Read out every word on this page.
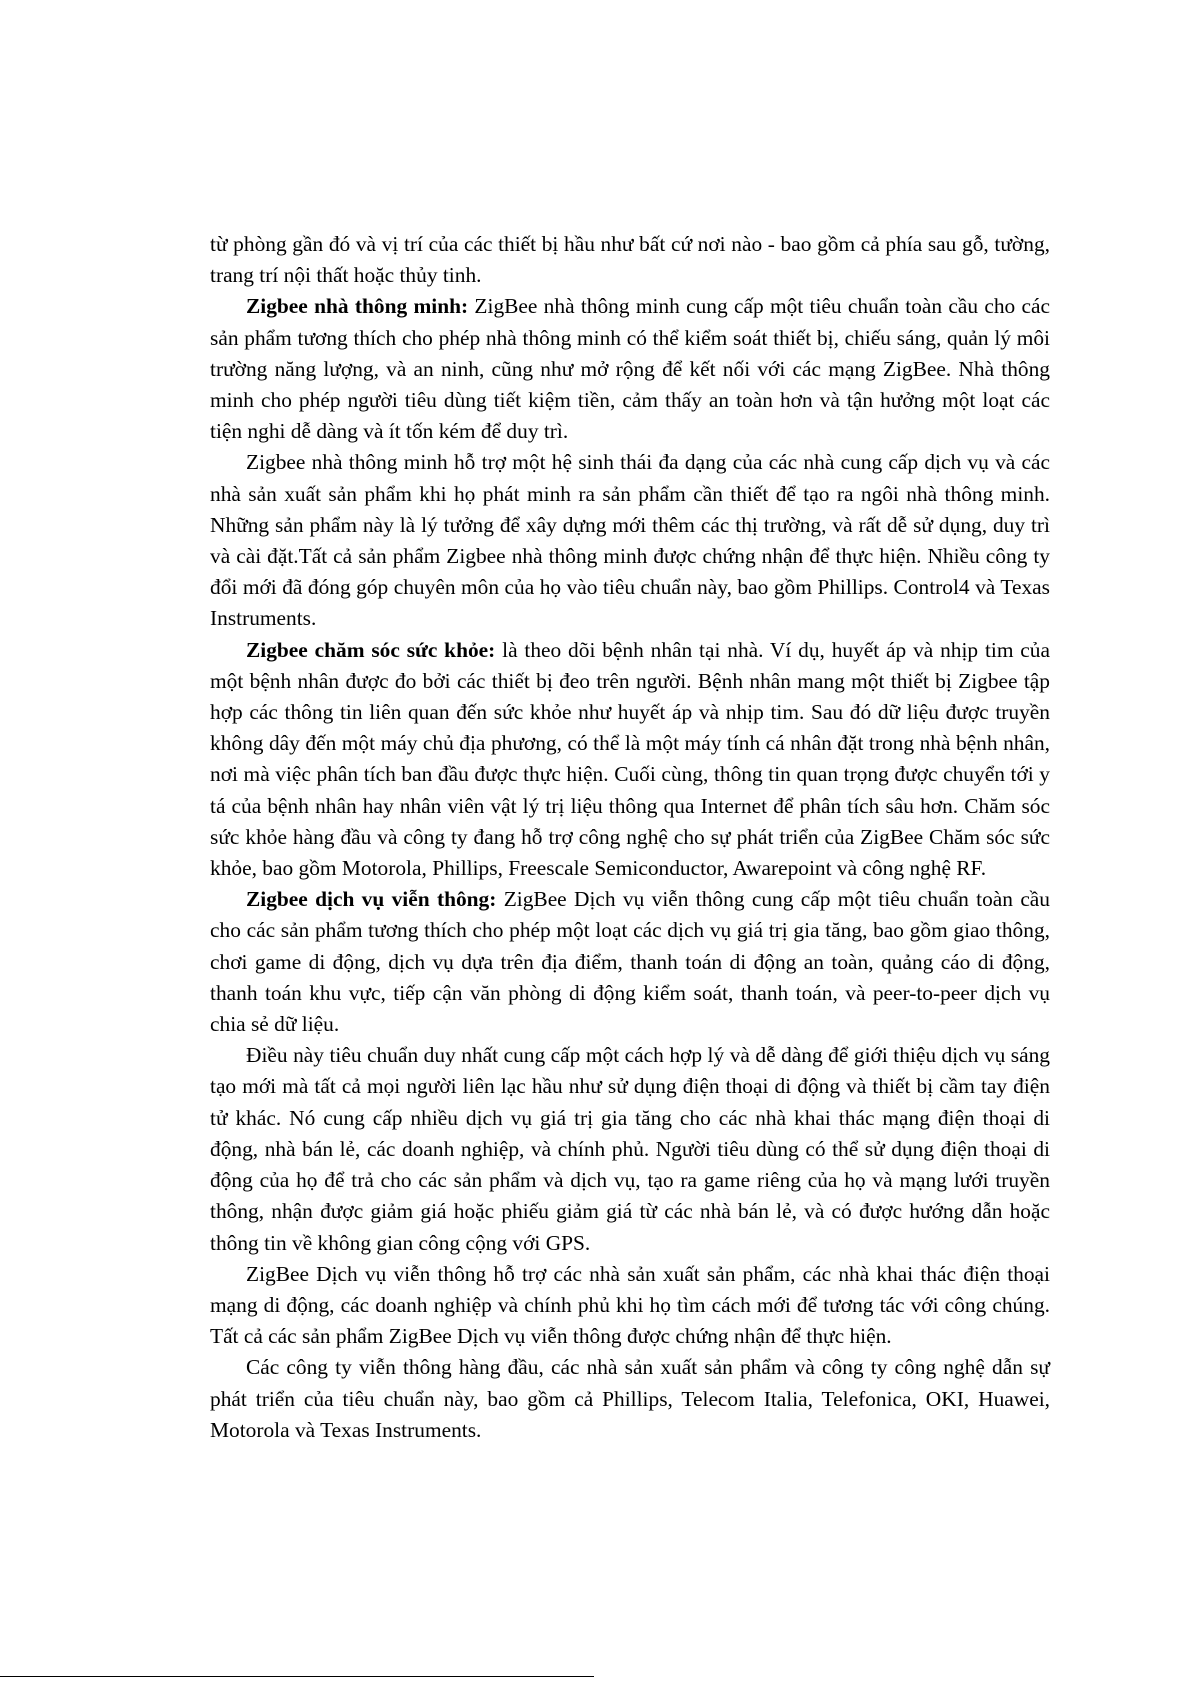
từ phòng gần đó và vị trí của các thiết bị hầu như bất cứ nơi nào - bao gồm cả phía sau gỗ, tường, trang trí nội thất hoặc thủy tinh.

Zigbee nhà thông minh: ZigBee nhà thông minh cung cấp một tiêu chuẩn toàn cầu cho các sản phẩm tương thích cho phép nhà thông minh có thể kiểm soát thiết bị, chiếu sáng, quản lý môi trường năng lượng, và an ninh, cũng như mở rộng để kết nối với các mạng ZigBee. Nhà thông minh cho phép người tiêu dùng tiết kiệm tiền, cảm thấy an toàn hơn và tận hưởng một loạt các tiện nghi dễ dàng và ít tốn kém để duy trì.

Zigbee nhà thông minh hỗ trợ một hệ sinh thái đa dạng của các nhà cung cấp dịch vụ và các nhà sản xuất sản phẩm khi họ phát minh ra sản phẩm cần thiết để tạo ra ngôi nhà thông minh. Những sản phẩm này là lý tưởng để xây dựng mới thêm các thị trường, và rất dễ sử dụng, duy trì và cài đặt.Tất cả sản phẩm Zigbee nhà thông minh được chứng nhận để thực hiện. Nhiều công ty đổi mới đã đóng góp chuyên môn của họ vào tiêu chuẩn này, bao gồm Phillips. Control4 và Texas Instruments.

Zigbee chăm sóc sức khỏe: là theo dõi bệnh nhân tại nhà. Ví dụ, huyết áp và nhịp tim của một bệnh nhân được đo bởi các thiết bị đeo trên người. Bệnh nhân mang một thiết bị Zigbee tập hợp các thông tin liên quan đến sức khỏe như huyết áp và nhịp tim. Sau đó dữ liệu được truyền không dây đến một máy chủ địa phương, có thể là một máy tính cá nhân đặt trong nhà bệnh nhân, nơi mà việc phân tích ban đầu được thực hiện. Cuối cùng, thông tin quan trọng được chuyển tới y tá của bệnh nhân hay nhân viên vật lý trị liệu thông qua Internet để phân tích sâu hơn. Chăm sóc sức khỏe hàng đầu và công ty đang hỗ trợ công nghệ cho sự phát triển của ZigBee Chăm sóc sức khỏe, bao gồm Motorola, Phillips, Freescale Semiconductor, Awarepoint và công nghệ RF.

Zigbee dịch vụ viễn thông: ZigBee Dịch vụ viễn thông cung cấp một tiêu chuẩn toàn cầu cho các sản phẩm tương thích cho phép một loạt các dịch vụ giá trị gia tăng, bao gồm giao thông, chơi game di động, dịch vụ dựa trên địa điểm, thanh toán di động an toàn, quảng cáo di động, thanh toán khu vực, tiếp cận văn phòng di động kiểm soát, thanh toán, và peer-to-peer dịch vụ chia sẻ dữ liệu.

Điều này tiêu chuẩn duy nhất cung cấp một cách hợp lý và dễ dàng để giới thiệu dịch vụ sáng tạo mới mà tất cả mọi người liên lạc hầu như sử dụng điện thoại di động và thiết bị cầm tay điện tử khác. Nó cung cấp nhiều dịch vụ giá trị gia tăng cho các nhà khai thác mạng điện thoại di động, nhà bán lẻ, các doanh nghiệp, và chính phủ. Người tiêu dùng có thể sử dụng điện thoại di động của họ để trả cho các sản phẩm và dịch vụ, tạo ra game riêng của họ và mạng lưới truyền thông, nhận được giảm giá hoặc phiếu giảm giá từ các nhà bán lẻ, và có được hướng dẫn hoặc thông tin về không gian công cộng với GPS.

ZigBee Dịch vụ viễn thông hỗ trợ các nhà sản xuất sản phẩm, các nhà khai thác điện thoại mạng di động, các doanh nghiệp và chính phủ khi họ tìm cách mới để tương tác với công chúng. Tất cả các sản phẩm ZigBee Dịch vụ viễn thông được chứng nhận để thực hiện.

Các công ty viễn thông hàng đầu, các nhà sản xuất sản phẩm và công ty công nghệ dẫn sự phát triển của tiêu chuẩn này, bao gồm cả Phillips, Telecom Italia, Telefonica, OKI, Huawei, Motorola và Texas Instruments.
